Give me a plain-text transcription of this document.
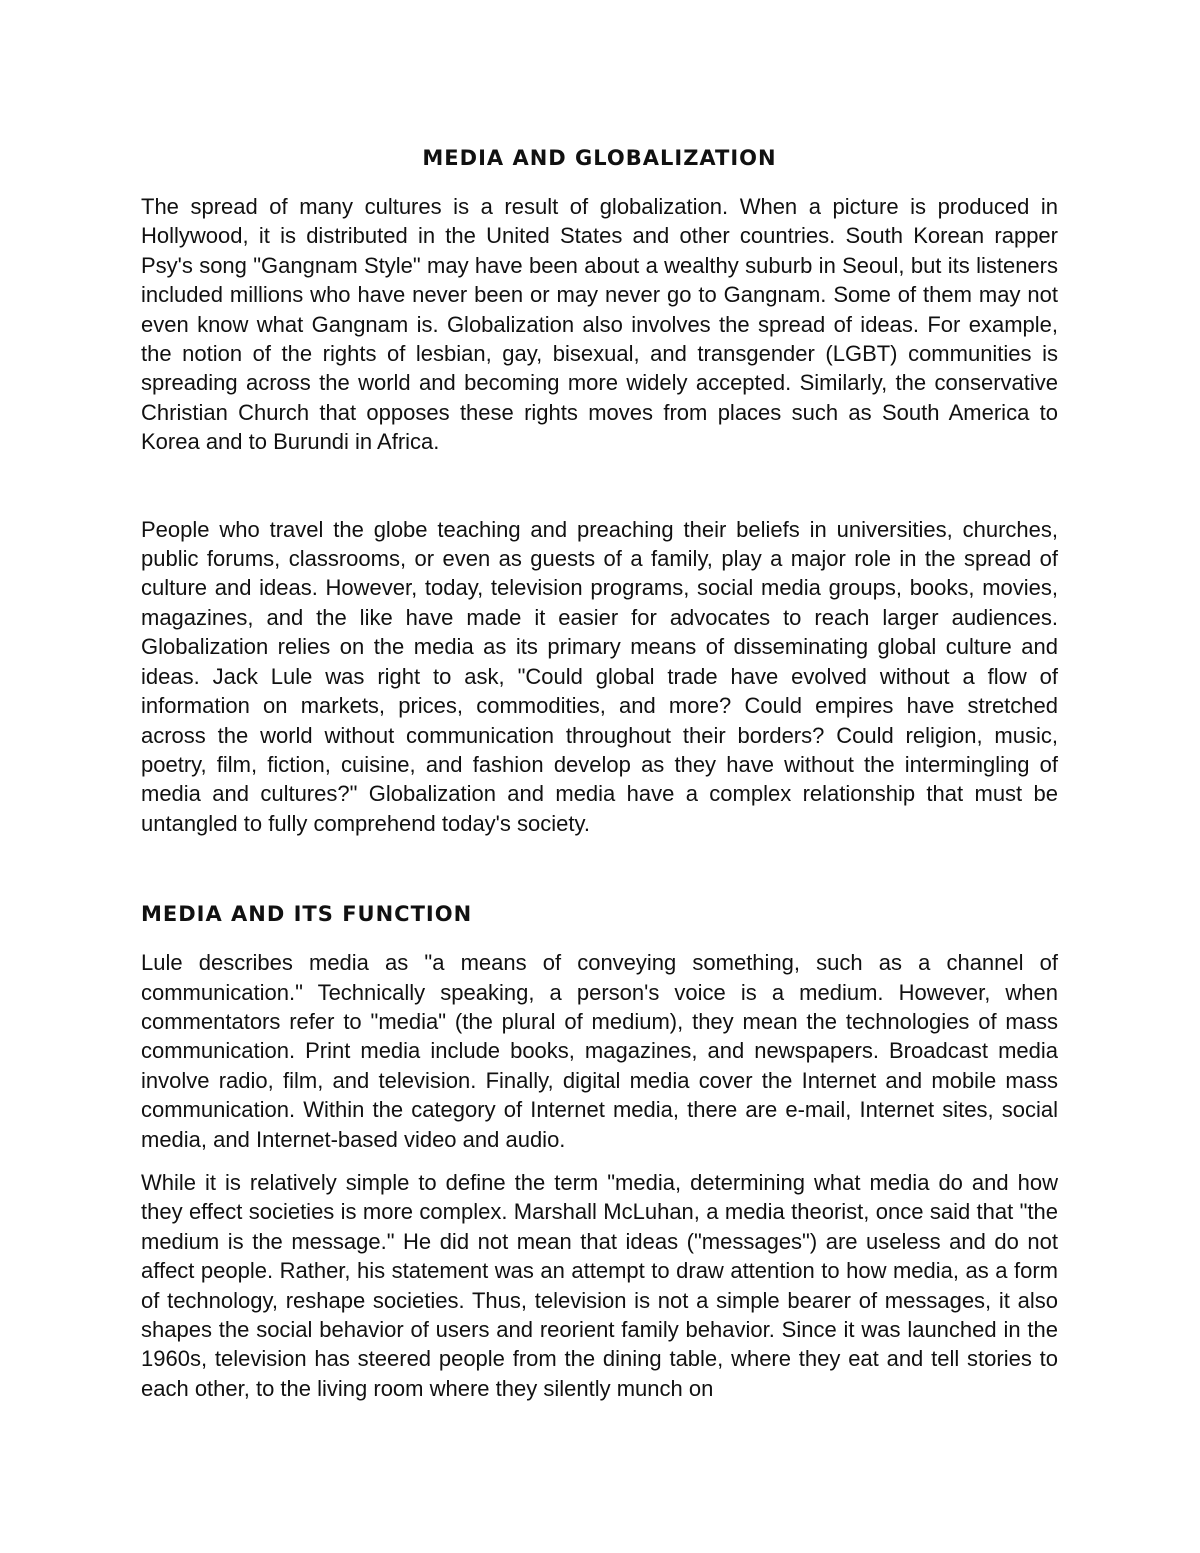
MEDIA AND GLOBALIZATION

The spread of many cultures is a result of globalization. When a picture is produced in Hollywood, it is distributed in the United States and other countries. South Korean rapper Psy's song "Gangnam Style" may have been about a wealthy suburb in Seoul, but its listeners included millions who have never been or may never go to Gangnam. Some of them may not even know what Gangnam is. Globalization also involves the spread of ideas. For example, the notion of the rights of lesbian, gay, bisexual, and transgender (LGBT) communities is spreading across the world and becoming more widely accepted. Similarly, the conservative Christian Church that opposes these rights moves from places such as South America to Korea and to Burundi in Africa.

People who travel the globe teaching and preaching their beliefs in universities, churches, public forums, classrooms, or even as guests of a family, play a major role in the spread of culture and ideas. However, today, television programs, social media groups, books, movies, magazines, and the like have made it easier for advocates to reach larger audiences. Globalization relies on the media as its primary means of disseminating global culture and ideas. Jack Lule was right to ask, "Could global trade have evolved without a flow of information on markets, prices, commodities, and more? Could empires have stretched across the world without communication throughout their borders? Could religion, music, poetry, film, fiction, cuisine, and fashion develop as they have without the intermingling of media and cultures?" Globalization and media have a complex relationship that must be untangled to fully comprehend today's society.

MEDIA AND ITS FUNCTION

Lule describes media as "a means of conveying something, such as a channel of communication." Technically speaking, a person's voice is a medium. However, when commentators refer to "media" (the plural of medium), they mean the technologies of mass communication. Print media include books, magazines, and newspapers. Broadcast media involve radio, film, and television. Finally, digital media cover the Internet and mobile mass communication. Within the category of Internet media, there are e-mail, Internet sites, social media, and Internet-based video and audio.

While it is relatively simple to define the term "media, determining what media do and how they effect societies is more complex. Marshall McLuhan, a media theorist, once said that "the medium is the message." He did not mean that ideas ("messages") are useless and do not affect people. Rather, his statement was an attempt to draw attention to how media, as a form of technology, reshape societies. Thus, television is not a simple bearer of messages, it also shapes the social behavior of users and reorient family behavior. Since it was launched in the 1960s, television has steered people from the dining table, where they eat and tell stories to each other, to the living room where they silently munch on
